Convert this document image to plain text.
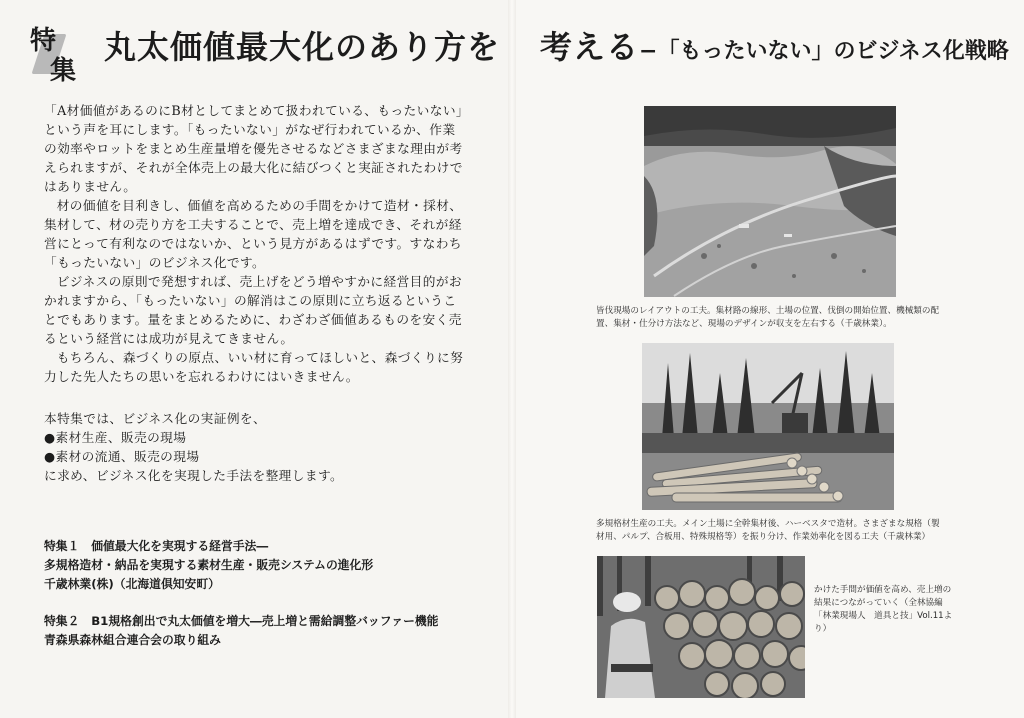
特
集
丸太価値最大化のあり方を 考える−「もったいない」のビジネス化戦略

「A材価値があるのにB材としてまとめて扱われている、もったいない」という声を耳にします。「もったいない」がなぜ行われているか、作業の効率やロットをまとめ生産量増を優先させるなどさまざまな理由が考えられますが、それが全体売上の最大化に結びつくと実証されたわけではありません。

材の価値を目利きし、価値を高めるための手間をかけて造材・採材、集材して、材の売り方を工夫することで、売上増を達成でき、それが経営にとって有利なのではないか、という見方があるはずです。すなわち「もったいない」のビジネス化です。

ビジネスの原則で発想すれば、売上げをどう増やすかに経営目的がおかれますから、「もったいない」の解消はこの原則に立ち返るということでもあります。量をまとめるために、わざわざ価値あるものを安く売るという経営には成功が見えてきません。

もちろん、森づくりの原点、いい材に育ってほしいと、森づくりに努力した先人たちの思いを忘れるわけにはいきません。

本特集では、ビジネス化の実証例を、

● 素材生産、販売の現場

● 素材の流通、販売の現場

に求め、ビジネス化を実現した手法を整理します。

特集１　価値最大化を実現する経営手法―

多規格造材・納品を実現する素材生産・販売システムの進化形

千歳林業(株)（北海道倶知安町）

特集２　B1規格創出で丸太価値を増大―売上増と需給調整バッファー機能

青森県森林組合連合会の取り組み

皆伐現場のレイアウトの工夫。集材路の線形、土場の位置、伐倒の開始位置、機械類の配置、集材・仕分け方法など、現場のデザインが収支を左右する（千歳林業）。
多規格材生産の工夫。メイン土場に全幹集材後、ハーベスタで造材。さまざまな規格（製材用、パルプ、合板用、特殊規格等）を振り分け、作業効率化を図る工夫（千歳林業）
かけた手間が価値を高め、売上増の結果につながっていく（全林協編「林業現場人　道具と技」Vol.11より）
